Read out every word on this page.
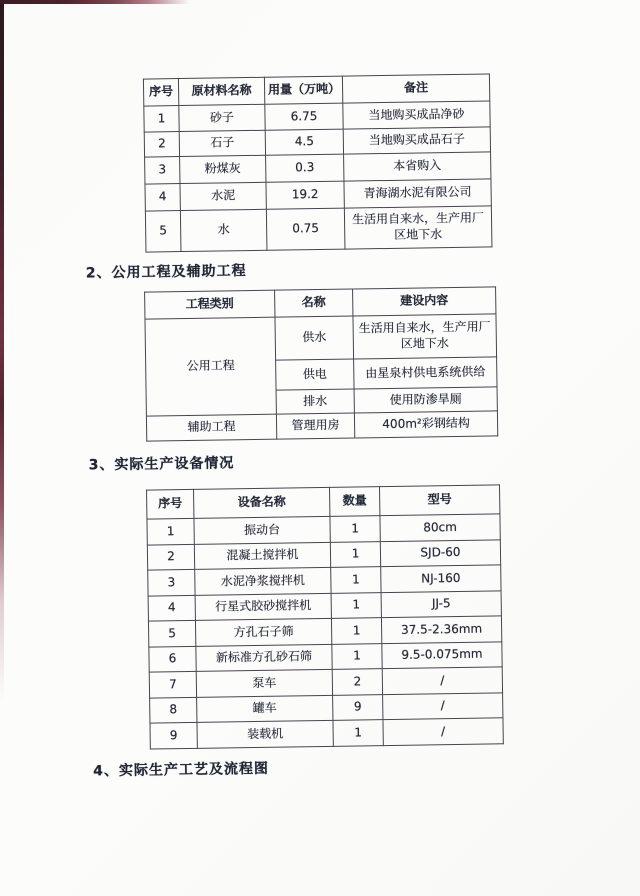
序号	原材料名称	用量（万吨）	备注
1	砂子	6.75	当地购买成品净砂
2	石子	4.5	当地购买成品石子
3	粉煤灰	0.3	本省购入
4	水泥	19.2	青海湖水泥有限公司
5	水	0.75	生活用自来水，生产用厂区地下水
2、公用工程及辅助工程
工程类别	名称	建设内容
公用工程	供水	生活用自来水，生产用厂区地下水
	供电	由星泉村供电系统供给
	排水	使用防渗旱厕
辅助工程	管理用房	400m²彩钢结构
3、实际生产设备情况
序号	设备名称	数量	型号
1	振动台	1	80cm
2	混凝土搅拌机	1	SJD-60
3	水泥净浆搅拌机	1	NJ-160
4	行星式胶砂搅拌机	1	JJ-5
5	方孔石子筛	1	37.5-2.36mm
6	新标准方孔砂石筛	1	9.5-0.075mm
7	泵车	2	/
8	罐车	9	/
9	装载机	1	/
4、实际生产工艺及流程图
